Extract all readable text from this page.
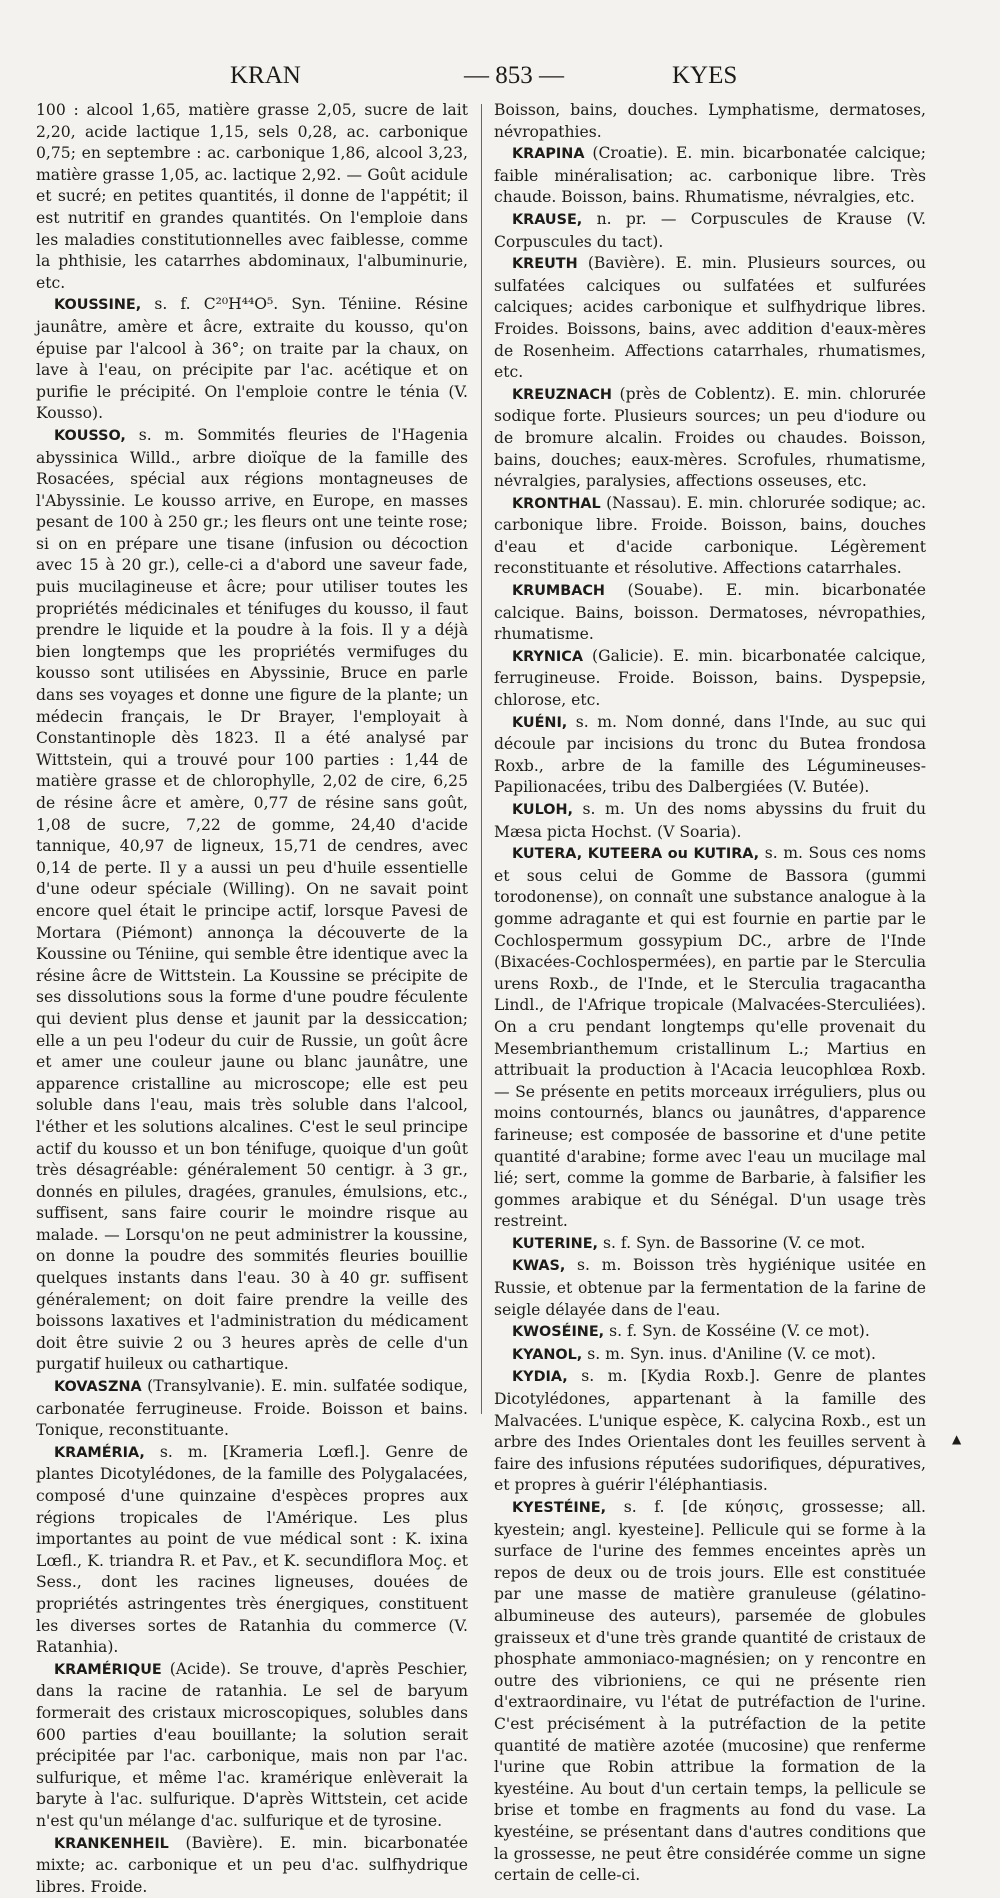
KRAN	— 853 —	KYES

100 : alcool 1,65, matière grasse 2,05, sucre de lait 2,20, acide lactique 1,15, sels 0,28, ac. carbonique 0,75; en septembre : ac. carbonique 1,86, alcool 3,23, matière grasse 1,05, ac. lactique 2,92. — Goût acidule et sucré; en petites quantités, il donne de l'appétit; il est nutritif en grandes quantités. On l'emploie dans les maladies constitutionnelles avec faiblesse, comme la phthisie, les catarrhes abdominaux, l'albuminurie, etc.

KOUSSINE, s. f. C²⁰H⁴⁴O⁵. Syn. Téniine. Résine jaunâtre, amère et âcre, extraite du kousso, qu'on épuise par l'alcool à 36°; on traite par la chaux, on lave à l'eau, on précipite par l'ac. acétique et on purifie le précipité. On l'emploie contre le ténia (V. Kousso).

KOUSSO, s. m. Sommités fleuries de l'Hagenia abyssinica Willd., arbre dioïque de la famille des Rosacées, spécial aux régions montagneuses de l'Abyssinie. Le kousso arrive, en Europe, en masses pesant de 100 à 250 gr.; les fleurs ont une teinte rose; si on en prépare une tisane (infusion ou décoction avec 15 à 20 gr.), celle-ci a d'abord une saveur fade, puis mucilagineuse et âcre; pour utiliser toutes les propriétés médicinales et ténifuges du kousso, il faut prendre le liquide et la poudre à la fois. Il y a déjà bien longtemps que les propriétés vermifuges du kousso sont utilisées en Abyssinie, Bruce en parle dans ses voyages et donne une figure de la plante; un médecin français, le Dr Brayer, l'employait à Constantinople dès 1823. Il a été analysé par Wittstein, qui a trouvé pour 100 parties : 1,44 de matière grasse et de chlorophylle, 2,02 de cire, 6,25 de résine âcre et amère, 0,77 de résine sans goût, 1,08 de sucre, 7,22 de gomme, 24,40 d'acide tannique, 40,97 de ligneux, 15,71 de cendres, avec 0,14 de perte. Il y a aussi un peu d'huile essentielle d'une odeur spéciale (Willing). On ne savait point encore quel était le principe actif, lorsque Pavesi de Mortara (Piémont) annonça la découverte de la Koussine ou Téniine, qui semble être identique avec la résine âcre de Wittstein. La Koussine se précipite de ses dissolutions sous la forme d'une poudre féculente qui devient plus dense et jaunit par la dessiccation; elle a un peu l'odeur du cuir de Russie, un goût âcre et amer une couleur jaune ou blanc jaunâtre, une apparence cristalline au microscope; elle est peu soluble dans l'eau, mais très soluble dans l'alcool, l'éther et les solutions alcalines. C'est le seul principe actif du kousso et un bon ténifuge, quoique d'un goût très désagréable: généralement 50 centigr. à 3 gr., donnés en pilules, dragées, granules, émulsions, etc., suffisent, sans faire courir le moindre risque au malade. — Lorsqu'on ne peut administrer la koussine, on donne la poudre des sommités fleuries bouillie quelques instants dans l'eau. 30 à 40 gr. suffisent généralement; on doit faire prendre la veille des boissons laxatives et l'administration du médicament doit être suivie 2 ou 3 heures après de celle d'un purgatif huileux ou cathartique.

KOVASZNA (Transylvanie). E. min. sulfatée sodique, carbonatée ferrugineuse. Froide. Boisson et bains. Tonique, reconstituante.

KRAMÉRIA, s. m. [Krameria Lœfl.]. Genre de plantes Dicotylédones, de la famille des Polygalacées, composé d'une quinzaine d'espèces propres aux régions tropicales de l'Amérique. Les plus importantes au point de vue médical sont : K. ixina Lœfl., K. triandra R. et Pav., et K. secundiflora Moç. et Sess., dont les racines ligneuses, douées de propriétés astringentes très énergiques, constituent les diverses sortes de Ratanhia du commerce (V. Ratanhia).

KRAMÉRIQUE (Acide). Se trouve, d'après Peschier, dans la racine de ratanhia. Le sel de baryum formerait des cristaux microscopiques, solubles dans 600 parties d'eau bouillante; la solution serait précipitée par l'ac. carbonique, mais non par l'ac. sulfurique, et même l'ac. kramérique enlèverait la baryte à l'ac. sulfurique. D'après Wittstein, cet acide n'est qu'un mélange d'ac. sulfurique et de tyrosine.

KRANKENHEIL (Bavière). E. min. bicarbonatée mixte; ac. carbonique et un peu d'ac. sulfhydrique libres. Froide.

Boisson, bains, douches. Lymphatisme, dermatoses, névropathies.

KRAPINA (Croatie). E. min. bicarbonatée calcique; faible minéralisation; ac. carbonique libre. Très chaude. Boisson, bains. Rhumatisme, névralgies, etc.

KRAUSE, n. pr. — Corpuscules de Krause (V. Corpuscules du tact).

KREUTH (Bavière). E. min. Plusieurs sources, ou sulfatées calciques ou sulfatées et sulfurées calciques; acides carbonique et sulfhydrique libres. Froides. Boissons, bains, avec addition d'eaux-mères de Rosenheim. Affections catarrhales, rhumatismes, etc.

KREUZNACH (près de Coblentz). E. min. chlorurée sodique forte. Plusieurs sources; un peu d'iodure ou de bromure alcalin. Froides ou chaudes. Boisson, bains, douches; eaux-mères. Scrofules, rhumatisme, névralgies, paralysies, affections osseuses, etc.

KRONTHAL (Nassau). E. min. chlorurée sodique; ac. carbonique libre. Froide. Boisson, bains, douches d'eau et d'acide carbonique. Légèrement reconstituante et résolutive. Affections catarrhales.

KRUMBACH (Souabe). E. min. bicarbonatée calcique. Bains, boisson. Dermatoses, névropathies, rhumatisme.

KRYNICA (Galicie). E. min. bicarbonatée calcique, ferrugineuse. Froide. Boisson, bains. Dyspepsie, chlorose, etc.

KUÉNI, s. m. Nom donné, dans l'Inde, au suc qui découle par incisions du tronc du Butea frondosa Roxb., arbre de la famille des Légumineuses-Papilionacées, tribu des Dalbergiées (V. Butée).

KULOH, s. m. Un des noms abyssins du fruit du Mæsa picta Hochst. (V Soaria).

KUTERA, KUTEERA ou KUTIRA, s. m. Sous ces noms et sous celui de Gomme de Bassora (gummi torodonense), on connaît une substance analogue à la gomme adragante et qui est fournie en partie par le Cochlospermum gossypium DC., arbre de l'Inde (Bixacées-Cochlospermées), en partie par le Sterculia urens Roxb., de l'Inde, et le Sterculia tragacantha Lindl., de l'Afrique tropicale (Malvacées-Sterculiées). On a cru pendant longtemps qu'elle provenait du Mesembrianthemum cristallinum L.; Martius en attribuait la production à l'Acacia leucophlœa Roxb. — Se présente en petits morceaux irréguliers, plus ou moins contournés, blancs ou jaunâtres, d'apparence farineuse; est composée de bassorine et d'une petite quantité d'arabine; forme avec l'eau un mucilage mal lié; sert, comme la gomme de Barbarie, à falsifier les gommes arabique et du Sénégal. D'un usage très restreint.

KUTERINE, s. f. Syn. de Bassorine (V. ce mot.

KWAS, s. m. Boisson très hygiénique usitée en Russie, et obtenue par la fermentation de la farine de seigle délayée dans de l'eau.

KWOSÉINE, s. f. Syn. de Kosséine (V. ce mot).

KYANOL, s. m. Syn. inus. d'Aniline (V. ce mot).

KYDIA, s. m. [Kydia Roxb.]. Genre de plantes Dicotylédones, appartenant à la famille des Malvacées. L'unique espèce, K. calycina Roxb., est un arbre des Indes Orientales dont les feuilles servent à faire des infusions réputées sudorifiques, dépuratives, et propres à guérir l'éléphantiasis.

KYESTÉINE, s. f. [de κύησις, grossesse; all. kyestein; angl. kyesteine]. Pellicule qui se forme à la surface de l'urine des femmes enceintes après un repos de deux ou de trois jours. Elle est constituée par une masse de matière granuleuse (gélatino-albumineuse des auteurs), parsemée de globules graisseux et d'une très grande quantité de cristaux de phosphate ammoniaco-magnésien; on y rencontre en outre des vibrioniens, ce qui ne présente rien d'extraordinaire, vu l'état de putréfaction de l'urine. C'est précisément à la putréfaction de la petite quantité de matière azotée (mucosine) que renferme l'urine que Robin attribue la formation de la kyestéine. Au bout d'un certain temps, la pellicule se brise et tombe en fragments au fond du vase. La kyestéine, se présentant dans d'autres conditions que la grossesse, ne peut être considérée comme un signe certain de celle-ci.

▲
